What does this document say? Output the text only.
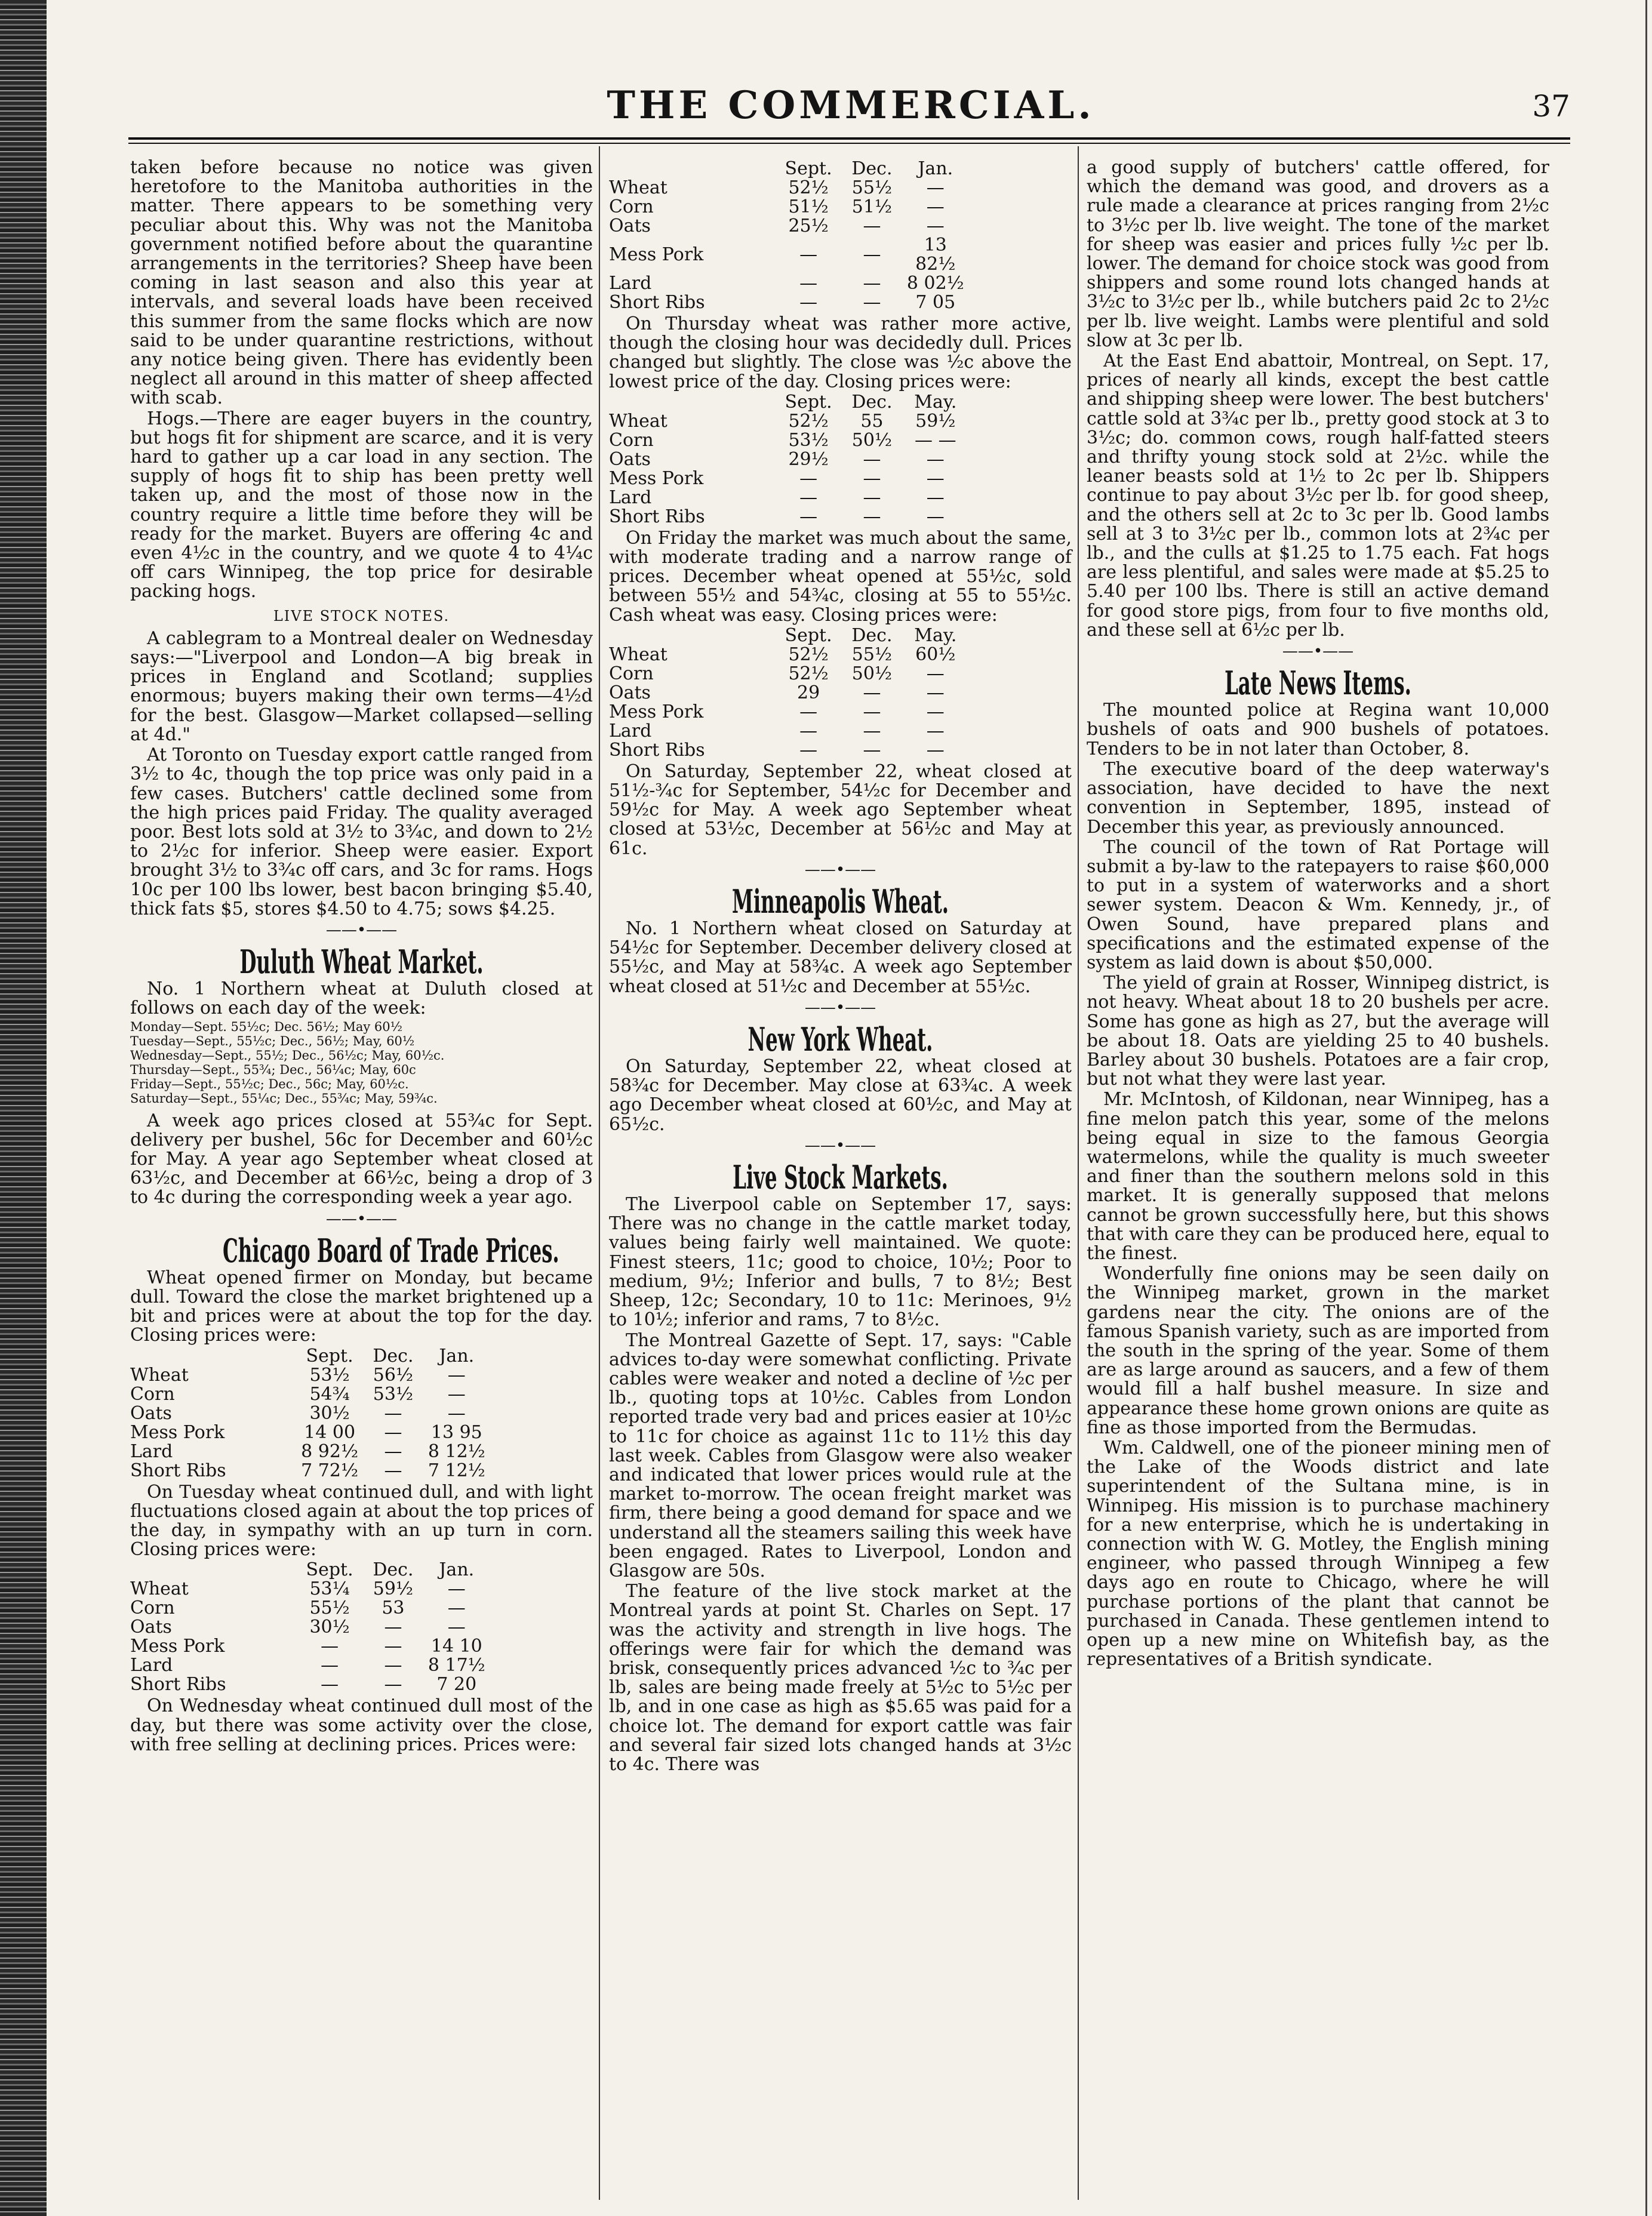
THE COMMERCIAL.	37

taken before because no notice was given heretofore to the Manitoba authorities in the matter. There appears to be something very peculiar about this. Why was not the Manitoba government notified before about the quarantine arrangements in the territories? Sheep have been coming in last season and also this year at intervals, and several loads have been received this summer from the same flocks which are now said to be under quarantine restrictions, without any notice being given. There has evidently been neglect all around in this matter of sheep affected with scab.

Hogs.—There are eager buyers in the country, but hogs fit for shipment are scarce, and it is very hard to gather up a car load in any section. The supply of hogs fit to ship has been pretty well taken up, and the most of those now in the country require a little time before they will be ready for the market. Buyers are offering 4c and even 4½c in the country, and we quote 4 to 4¼c off cars Winnipeg, the top price for desirable packing hogs.

LIVE STOCK NOTES.

A cablegram to a Montreal dealer on Wednesday says:—"Liverpool and London—A big break in prices in England and Scotland; supplies enormous; buyers making their own terms—4½d for the best. Glasgow—Market collapsed—selling at 4d."

At Toronto on Tuesday export cattle ranged from 3½ to 4c, though the top price was only paid in a few cases. Butchers' cattle declined some from the high prices paid Friday. The quality averaged poor. Best lots sold at 3½ to 3¾c, and down to 2½ to 2½c for inferior. Sheep were easier. Export brought 3½ to 3¾c off cars, and 3c for rams. Hogs 10c per 100 lbs lower, best bacon bringing $5.40, thick fats $5, stores $4.50 to 4.75; sows $4.25.

——•——
Duluth Wheat Market.

No. 1 Northern wheat at Duluth closed at follows on each day of the week:

Monday—Sept. 55½c; Dec. 56½; May 60½
Tuesday—Sept., 55½c; Dec., 56½; May, 60½
Wednesday—Sept., 55½; Dec., 56½c; May, 60½c.
Thursday—Sept., 55¾; Dec., 56¼c; May, 60c
Friday—Sept., 55½c; Dec., 56c; May, 60½c.
Saturday—Sept., 55¼c; Dec., 55¾c; May, 59¾c.

A week ago prices closed at 55¾c for Sept. delivery per bushel, 56c for December and 60½c for May. A year ago September wheat closed at 63½c, and December at 66½c, being a drop of 3 to 4c during the corresponding week a year ago.

——•——
Chicago Board of Trade Prices.

Wheat opened firmer on Monday, but became dull. Toward the close the market brightened up a bit and prices were at about the top for the day. Closing prices were:

	Sept.	Dec.	Jan.
Wheat	53½	56½	—
Corn	54¾	53½	—
Oats	30½	—	—
Mess Pork	14 00	—	13 95
Lard	8 92½	—	8 12½
Short Ribs	7 72½	—	7 12½

On Tuesday wheat continued dull, and with light fluctuations closed again at about the top prices of the day, in sympathy with an up turn in corn. Closing prices were:

	Sept.	Dec.	Jan.
Wheat	53¼	59½	—
Corn	55½	53	—
Oats	30½	—	—
Mess Pork	—	—	14 10
Lard	—	—	8 17½
Short Ribs	—	—	7 20

On Wednesday wheat continued dull most of the day, but there was some activity over the close, with free selling at declining prices. Prices were:

	Sept.	Dec.	Jan.
Wheat	52½	55½	—
Corn	51½	51½	—
Oats	25½	—	—
Mess Pork	—	—	13 82½
Lard	—	—	8 02½
Short Ribs	—	—	7 05

On Thursday wheat was rather more active, though the closing hour was decidedly dull. Prices changed but slightly. The close was ½c above the lowest price of the day. Closing prices were:

	Sept.	Dec.	May.
Wheat	52½	55	59½
Corn	53½	50½	— —
Oats	29½	—	—
Mess Pork	—	—	—
Lard	—	—	—
Short Ribs	—	—	—

On Friday the market was much about the same, with moderate trading and a narrow range of prices. December wheat opened at 55½c, sold between 55½ and 54¾c, closing at 55 to 55½c. Cash wheat was easy. Closing prices were:

	Sept.	Dec.	May.
Wheat	52½	55½	60½
Corn	52½	50½	—
Oats	29	—	—
Mess Pork	—	—	—
Lard	—	—	—
Short Ribs	—	—	—

On Saturday, September 22, wheat closed at 51½-¾c for September, 54½c for December and 59½c for May. A week ago September wheat closed at 53½c, December at 56½c and May at 61c.

——•——
Minneapolis Wheat.

No. 1 Northern wheat closed on Saturday at 54½c for September. December delivery closed at 55½c, and May at 58¾c. A week ago September wheat closed at 51½c and December at 55½c.

——•——
New York Wheat.

On Saturday, September 22, wheat closed at 58¾c for December. May close at 63¾c. A week ago December wheat closed at 60½c, and May at 65½c.

——•——
Live Stock Markets.

The Liverpool cable on September 17, says: There was no change in the cattle market today, values being fairly well maintained. We quote: Finest steers, 11c; good to choice, 10½; Poor to medium, 9½; Inferior and bulls, 7 to 8½; Best Sheep, 12c; Secondary, 10 to 11c: Merinoes, 9½ to 10½; inferior and rams, 7 to 8½c.

The Montreal Gazette of Sept. 17, says: "Cable advices to-day were somewhat conflicting. Private cables were weaker and noted a decline of ½c per lb., quoting tops at 10½c. Cables from London reported trade very bad and prices easier at 10½c to 11c for choice as against 11c to 11½ this day last week. Cables from Glasgow were also weaker and indicated that lower prices would rule at the market to-morrow. The ocean freight market was firm, there being a good demand for space and we understand all the steamers sailing this week have been engaged. Rates to Liverpool, London and Glasgow are 50s.

The feature of the live stock market at the Montreal yards at point St. Charles on Sept. 17 was the activity and strength in live hogs. The offerings were fair for which the demand was brisk, consequently prices advanced ½c to ¾c per lb, sales are being made freely at 5½c to 5½c per lb, and in one case as high as $5.65 was paid for a choice lot. The demand for export cattle was fair and several fair sized lots changed hands at 3½c to 4c. There was

a good supply of butchers' cattle offered, for which the demand was good, and drovers as a rule made a clearance at prices ranging from 2½c to 3½c per lb. live weight. The tone of the market for sheep was easier and prices fully ½c per lb. lower. The demand for choice stock was good from shippers and some round lots changed hands at 3½c to 3½c per lb., while butchers paid 2c to 2½c per lb. live weight. Lambs were plentiful and sold slow at 3c per lb.

At the East End abattoir, Montreal, on Sept. 17, prices of nearly all kinds, except the best cattle and shipping sheep were lower. The best butchers' cattle sold at 3¾c per lb., pretty good stock at 3 to 3½c; do. common cows, rough half-fatted steers and thrifty young stock sold at 2½c. while the leaner beasts sold at 1½ to 2c per lb. Shippers continue to pay about 3½c per lb. for good sheep, and the others sell at 2c to 3c per lb. Good lambs sell at 3 to 3½c per lb., common lots at 2¾c per lb., and the culls at $1.25 to 1.75 each. Fat hogs are less plentiful, and sales were made at $5.25 to 5.40 per 100 lbs. There is still an active demand for good store pigs, from four to five months old, and these sell at 6½c per lb.

——•——
Late News Items.

The mounted police at Regina want 10,000 bushels of oats and 900 bushels of potatoes. Tenders to be in not later than October, 8.

The executive board of the deep waterway's association, have decided to have the next convention in September, 1895, instead of December this year, as previously announced.

The council of the town of Rat Portage will submit a by-law to the ratepayers to raise $60,000 to put in a system of waterworks and a short sewer system. Deacon & Wm. Kennedy, jr., of Owen Sound, have prepared plans and specifications and the estimated expense of the system as laid down is about $50,000.

The yield of grain at Rosser, Winnipeg district, is not heavy. Wheat about 18 to 20 bushels per acre. Some has gone as high as 27, but the average will be about 18. Oats are yielding 25 to 40 bushels. Barley about 30 bushels. Potatoes are a fair crop, but not what they were last year.

Mr. McIntosh, of Kildonan, near Winnipeg, has a fine melon patch this year, some of the melons being equal in size to the famous Georgia watermelons, while the quality is much sweeter and finer than the southern melons sold in this market. It is generally supposed that melons cannot be grown successfully here, but this shows that with care they can be produced here, equal to the finest.

Wonderfully fine onions may be seen daily on the Winnipeg market, grown in the market gardens near the city. The onions are of the famous Spanish variety, such as are imported from the south in the spring of the year. Some of them are as large around as saucers, and a few of them would fill a half bushel measure. In size and appearance these home grown onions are quite as fine as those imported from the Bermudas.

Wm. Caldwell, one of the pioneer mining men of the Lake of the Woods district and late superintendent of the Sultana mine, is in Winnipeg. His mission is to purchase machinery for a new enterprise, which he is undertaking in connection with W. G. Motley, the English mining engineer, who passed through Winnipeg a few days ago en route to Chicago, where he will purchase portions of the plant that cannot be purchased in Canada. These gentlemen intend to open up a new mine on Whitefish bay, as the representatives of a British syndicate.
